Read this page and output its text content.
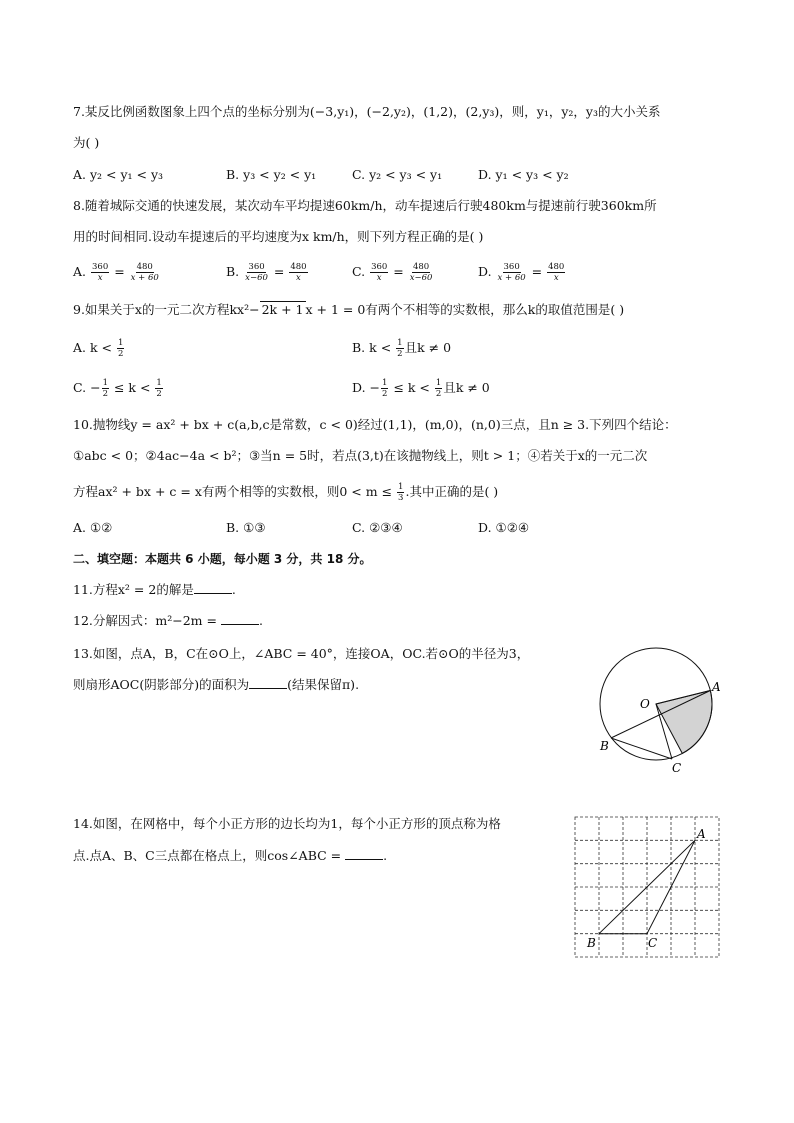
7.某反比例函数图象上四个点的坐标分别为(−3,y₁)，(−2,y₂)，(1,2)，(2,y₃)，则，y₁，y₂，y₃的大小关系
为( )
A. y₂ < y₁ < y₃	B. y₃ < y₂ < y₁	C. y₂ < y₃ < y₁	D. y₁ < y₃ < y₂
8.随着城际交通的快速发展，某次动车平均提速60km/h，动车提速后行驶480km与提速前行驶360km所
用的时间相同.设动车提速后的平均速度为x km/h，则下列方程正确的是( )
A. $\frac{360}{x} = \frac{480}{x + 60}$	B. $\frac{360}{x-60} = \frac{480}{x}$	C. $\frac{360}{x} = \frac{480}{x-60}$	D. $\frac{360}{x + 60} = \frac{480}{x}$
9.如果关于x的一元二次方程kx²− 2k + 1 x + 1 = 0有两个不相等的实数根，那么k的取值范围是( )
A. $k < \frac{1}{2}$	B. $k < \frac{1}{2}$ 且k ≠ 0
C. − $\frac{1}{2} \le k < \frac{1}{2}$	D. − $\frac{1}{2} \le k < \frac{1}{2}$ 且k ≠ 0
10.抛物线y = ax² + bx + c(a,b,c是常数，c < 0)经过(1,1)，(m,0)，(n,0)三点，且n ≥ 3.下列四个结论：
①abc < 0；②4ac−4a < b²；③当n = 5时，若点(3,t)在该抛物线上，则t > 1；④若关于x的一元二次
方程ax² + bx + c = x有两个相等的实数根，则$0 < m \le \frac{1}{3}$ .其中正确的是( )
A. ①②	B. ①③	C. ②③④	D. ①②④
二、填空题：本题共 6 小题，每小题 3 分，共 18 分。
11.方程x² = 2的解是	.
12.分解因式：m²−2m =	.
13.如图，点A，B，C在⊙O上，∠ABC = 40°，连接OA，OC.若⊙O的半径为3，
则扇形AOC(阴影部分)的面积为	(结果保留π).
O
A
B
C
14.如图，在网格中，每个小正方形的边长均为1，每个小正方形的顶点称为格
点.点A、B、C三点都在格点上，则cos∠ABC =	.
A
B	C
